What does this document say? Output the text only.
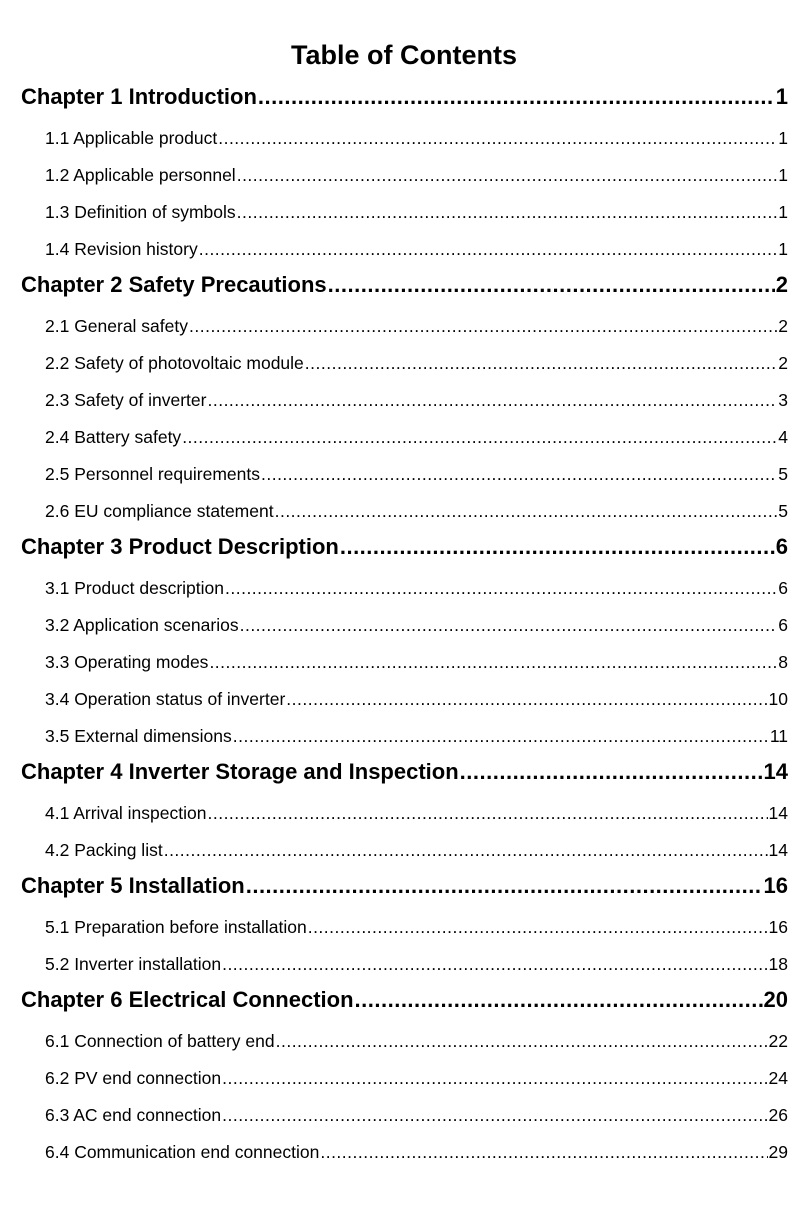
Table of Contents
Chapter 1 Introduction .....	1
1.1 Applicable product .....	1
1.2 Applicable personnel .....	1
1.3 Definition of symbols .....	1
1.4 Revision history .....	1
Chapter 2 Safety Precautions .....	2
2.1 General safety .....	2
2.2 Safety of photovoltaic module .....	2
2.3 Safety of inverter .....	3
2.4 Battery safety .....	4
2.5 Personnel requirements .....	5
2.6 EU compliance statement .....	5
Chapter 3 Product Description .....	6
3.1 Product description .....	6
3.2 Application scenarios .....	6
3.3 Operating modes .....	8
3.4 Operation status of inverter .....	10
3.5 External dimensions .....	11
Chapter 4 Inverter Storage and Inspection .....	14
4.1 Arrival inspection .....	14
4.2 Packing list .....	14
Chapter 5 Installation .....	16
5.1 Preparation before installation .....	16
5.2 Inverter installation .....	18
Chapter 6 Electrical Connection .....	20
6.1 Connection of battery end .....	22
6.2 PV end connection .....	24
6.3 AC end connection .....	26
6.4 Communication end connection .....	29
